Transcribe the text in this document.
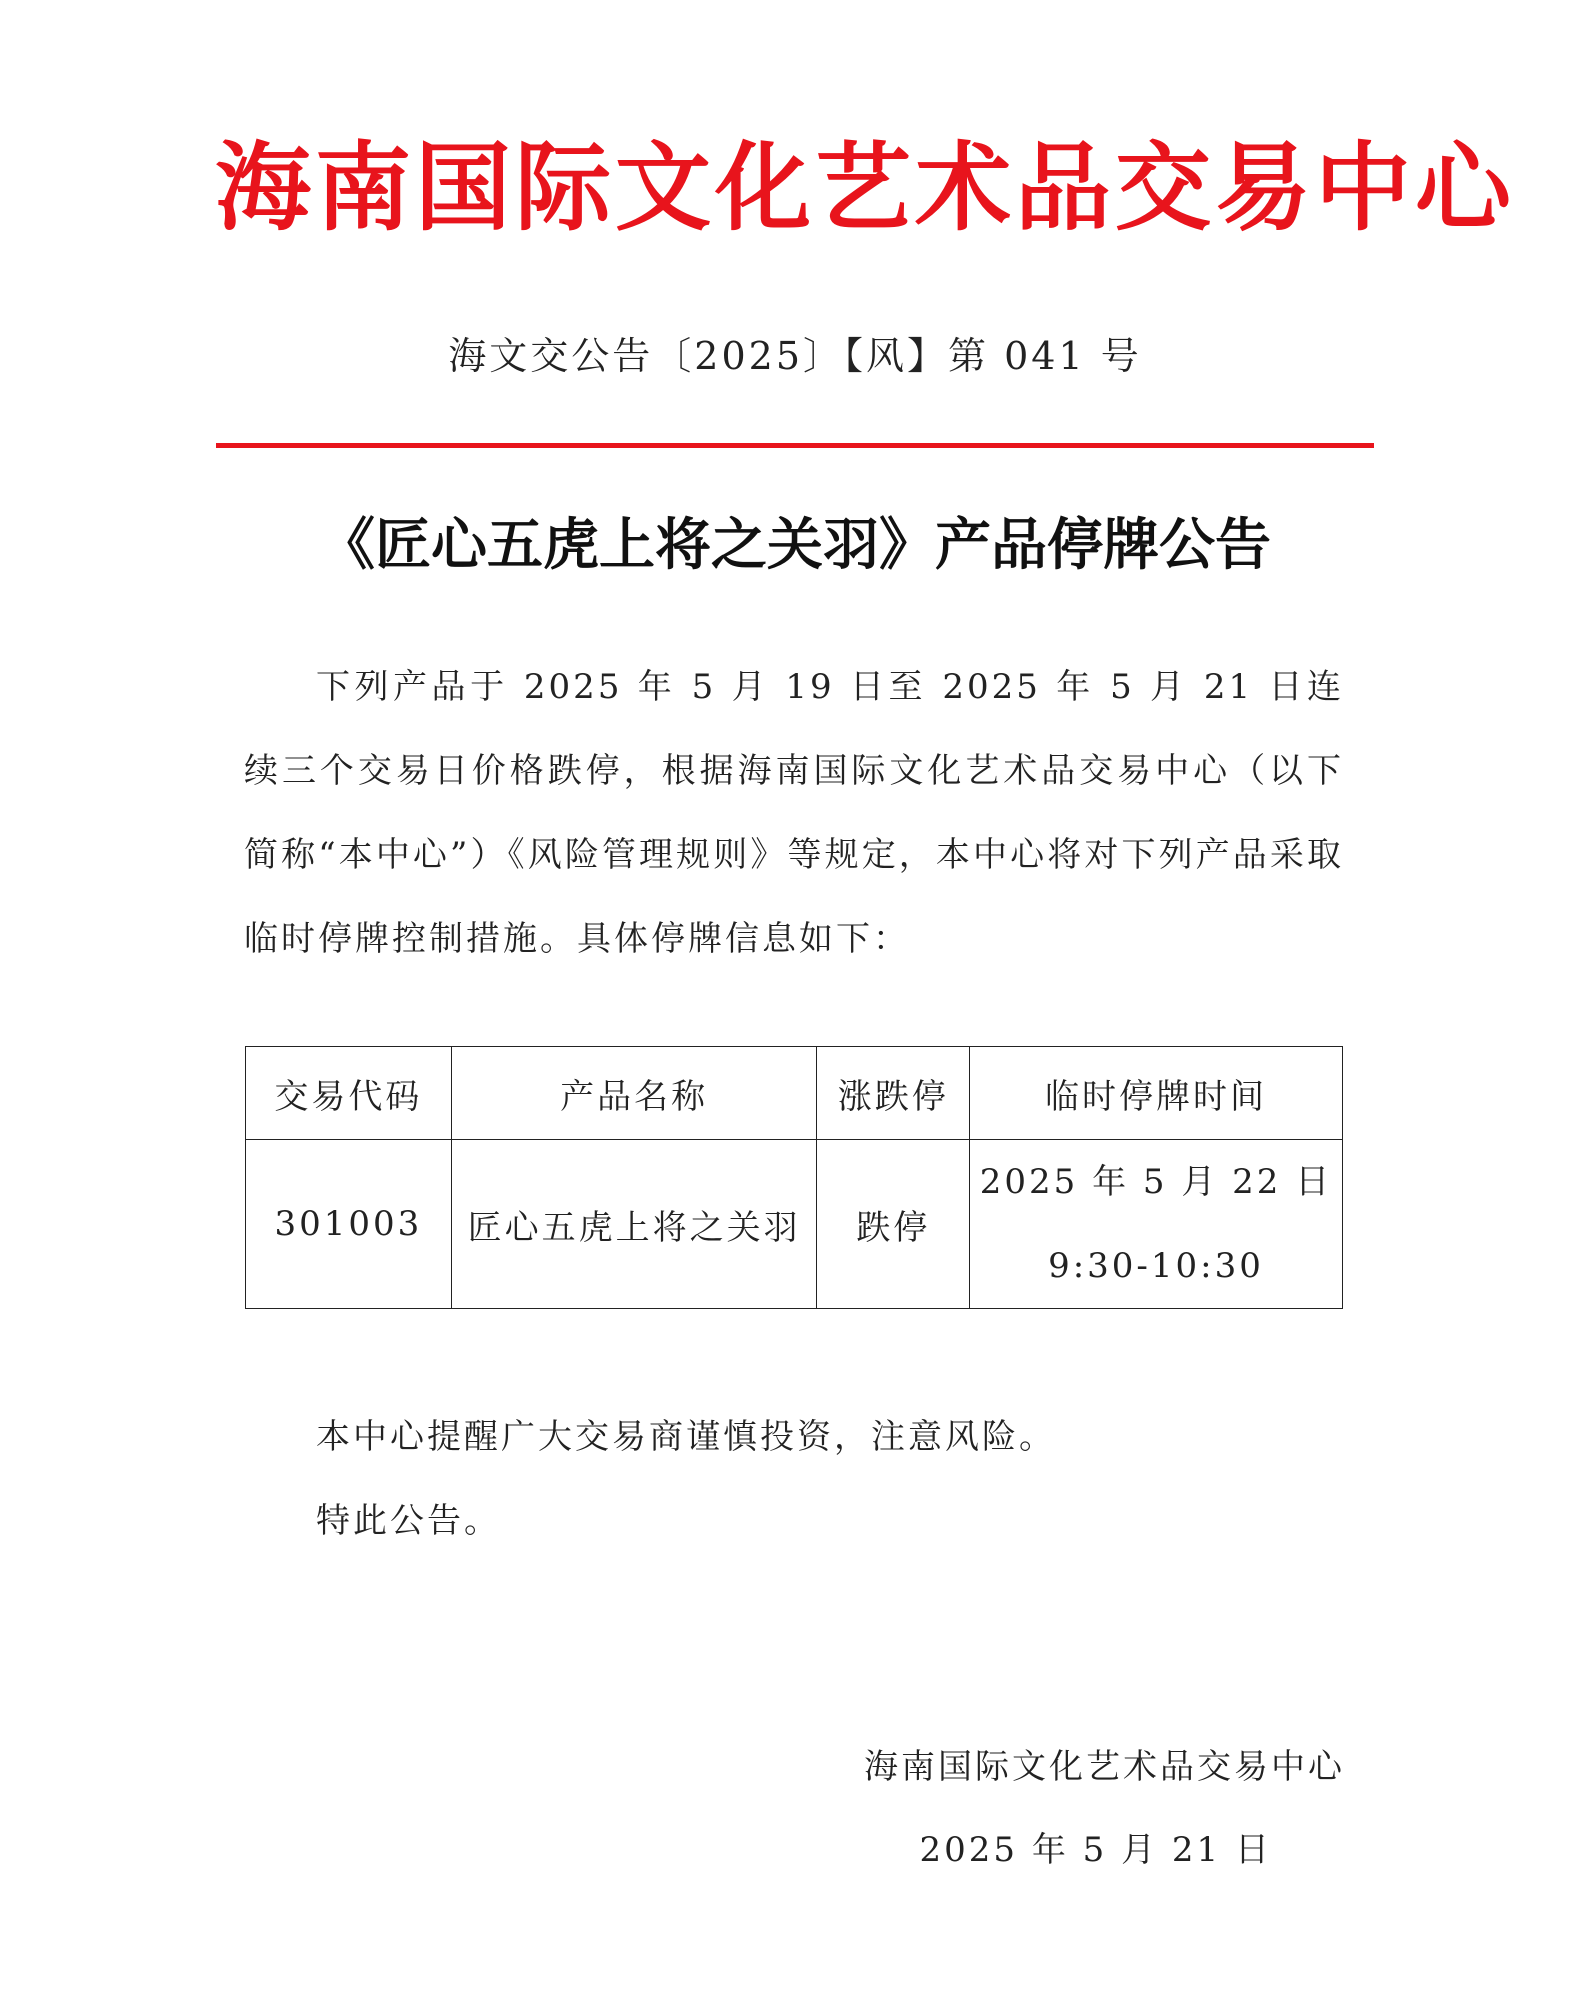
海南国际文化艺术品交易中心
海文交公告〔2025〕【风】第 041 号
《匠心五虎上将之关羽》产品停牌公告
下列产品于 2025 年 5 月 19 日至 2025 年 5 月 21 日连续三个交易日价格跌停，根据海南国际文化艺术品交易中心（以下简称“本中心”）《风险管理规则》等规定，本中心将对下列产品采取临时停牌控制措施。具体停牌信息如下：
交易代码	产品名称	涨跌停	临时停牌时间
301003	匠心五虎上将之关羽	跌停	2025 年 5 月 22 日
9:30-10:30

本中心提醒广大交易商谨慎投资，注意风险。

特此公告。

海南国际文化艺术品交易中心
2025 年 5 月 21 日
